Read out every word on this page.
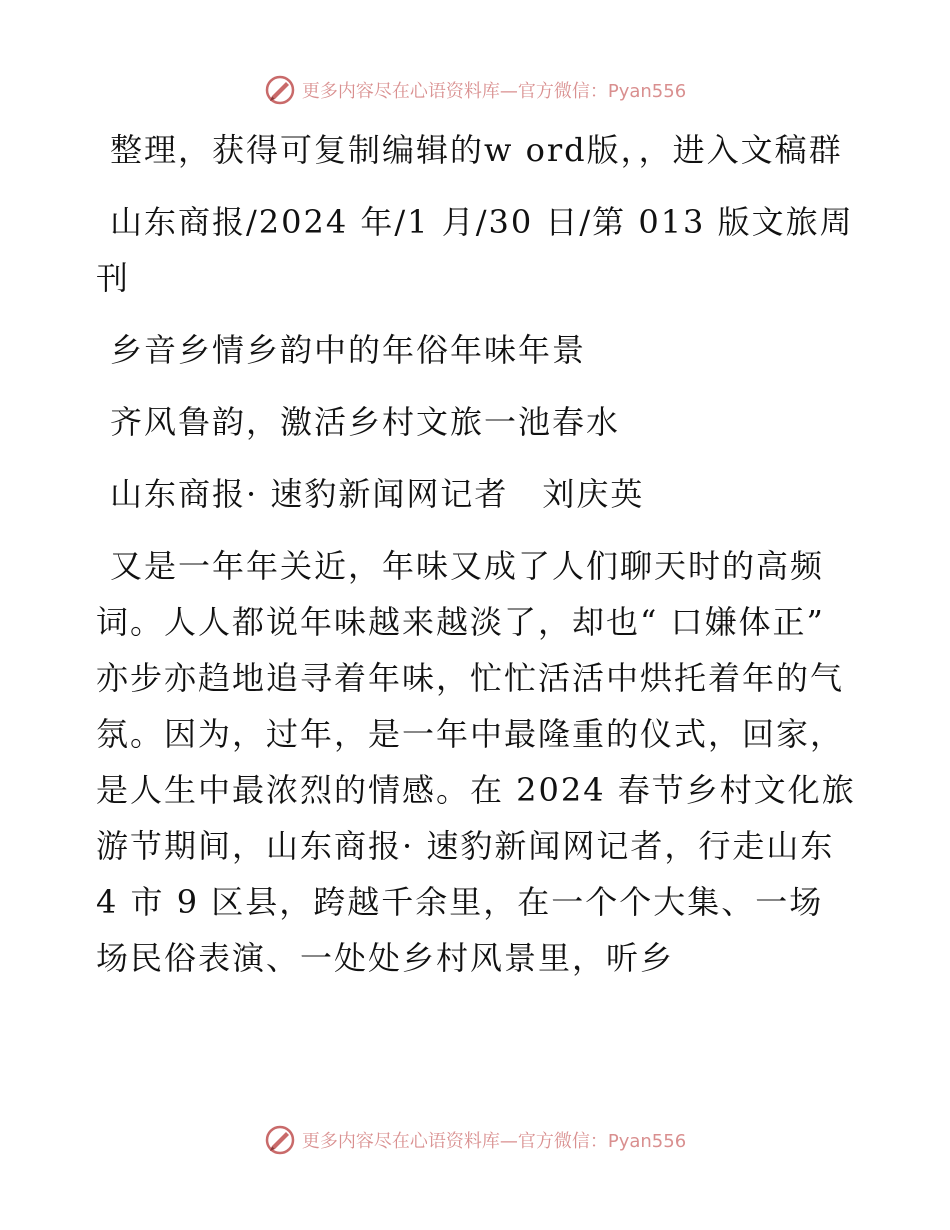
更多内容尽在心语资料库—官方微信：Pyan556

整理，获得可复制编辑的w ord版，，进入文稿群

山东商报/2024 年/1 月/30 日/第 013 版文旅周刊

乡音乡情乡韵中的年俗年味年景

齐风鲁韵，激活乡村文旅一池春水

山东商报· 速豹新闻网记者　刘庆英

又是一年年关近，年味又成了人们聊天时的高频词。人人都说年味越来越淡了，却也“ 口嫌体正” 亦步亦趋地追寻着年味，忙忙活活中烘托着年的气氛。因为，过年，是一年中最隆重的仪式，回家，是人生中最浓烈的情感。在 2024 春节乡村文化旅游节期间，山东商报· 速豹新闻网记者，行走山东 4 市 9 区县，跨越千余里，在一个个大集、一场场民俗表演、一处处乡村风景里，听乡

更多内容尽在心语资料库—官方微信：Pyan556
